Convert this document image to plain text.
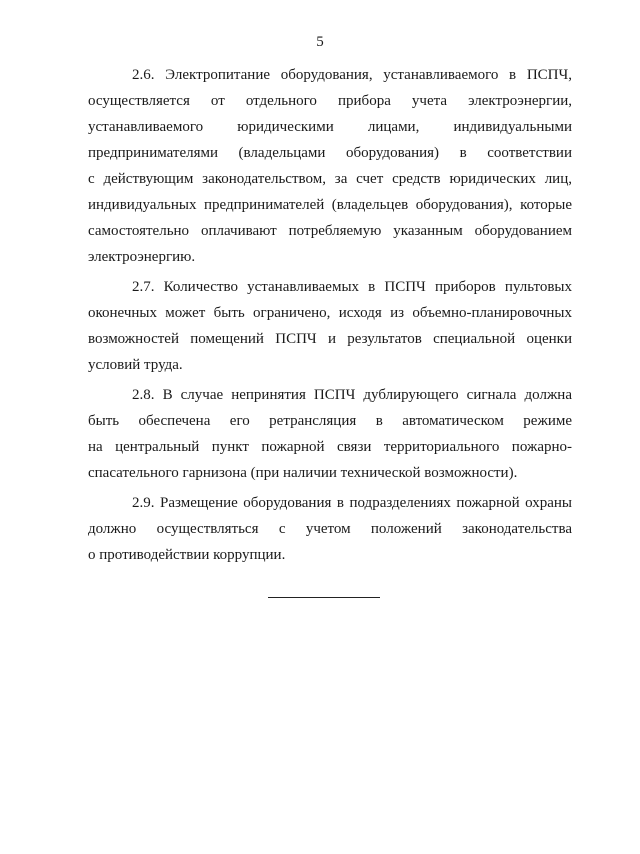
5
2.6. Электропитание оборудования, устанавливаемого в ПСПЧ,
осуществляется от отдельного прибора учета электроэнергии,
устанавливаемого юридическими лицами, индивидуальными
предпринимателями (владельцами оборудования) в соответствии
с действующим законодательством, за счет средств юридических лиц,
индивидуальных предпринимателей (владельцев оборудования), которые
самостоятельно оплачивают потребляемую указанным оборудованием
электроэнергию.
2.7. Количество устанавливаемых в ПСПЧ приборов пультовых
оконечных может быть ограничено, исходя из объемно-планировочных
возможностей помещений ПСПЧ и результатов специальной оценки
условий труда.
2.8. В случае непринятия ПСПЧ дублирующего сигнала должна
быть обеспечена его ретрансляция в автоматическом режиме
на центральный пункт пожарной связи территориального пожарно-
спасательного гарнизона (при наличии технической возможности).
2.9. Размещение оборудования в подразделениях пожарной охраны
должно осуществляться с учетом положений законодательства
о противодействии коррупции.
